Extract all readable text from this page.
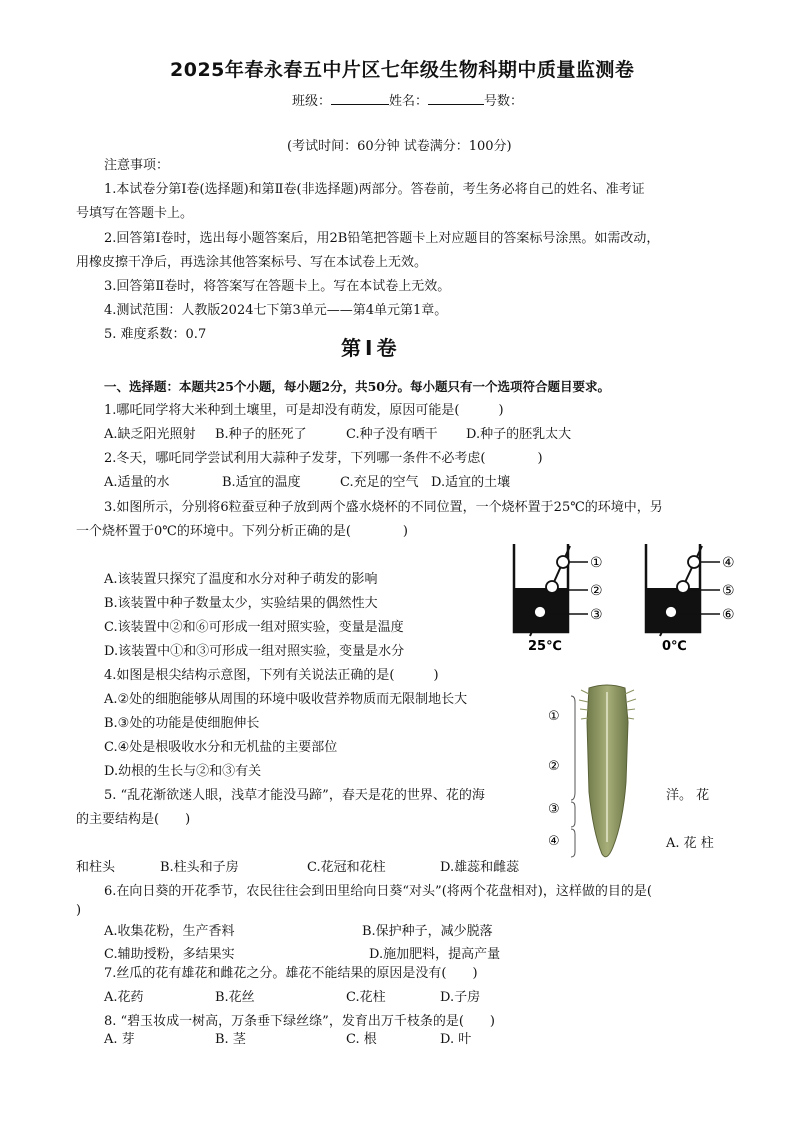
2025年春永春五中片区七年级生物科期中质量监测卷
班级：	姓名：	号数：
(考试时间：60分钟 试卷满分：100分)
注意事项：
1.本试卷分第Ⅰ卷(选择题)和第Ⅱ卷(非选择题)两部分。答卷前，考生务必将自己的姓名、准考证
号填写在答题卡上。
2.回答第Ⅰ卷时，选出每小题答案后，用2B铅笔把答题卡上对应题目的答案标号涂黑。如需改动，
用橡皮擦干净后，再选涂其他答案标号、写在本试卷上无效。
3.回答第Ⅱ卷时，将答案写在答题卡上。写在本试卷上无效。
4.测试范围：人教版2024七下第3单元——第4单元第1章。
5. 难度系数：0.7
第Ⅰ卷
一、选择题：本题共25个小题，每小题2分，共50分。每小题只有一个选项符合题目要求。
1.哪吒同学将大米种到土壤里，可是却没有萌发，原因可能是(　　　)
A.缺乏阳光照射 B.种子的胚死了	C.种子没有晒干 D.种子的胚乳太大
2.冬天，哪吒同学尝试利用大蒜种子发芽，下列哪一条件不必考虑(　　　　)
A.适量的水	B.适宜的温度	C.充足的空气 D.适宜的土壤
3.如图所示，分别将6粒蚕豆种子放到两个盛水烧杯的不同位置，一个烧杯置于25℃的环境中，另
一个烧杯置于0℃的环境中。下列分析正确的是(　　　　)
A.该装置只探究了温度和水分对种子萌发的影响
B.该装置中种子数量太少，实验结果的偶然性大
C.该装置中②和⑥可形成一组对照实验，变量是温度
D.该装置中①和③可形成一组对照实验，变量是水分
①
②
③
25℃
④
⑤
⑥
0℃
4.如图是根尖结构示意图，下列有关说法正确的是(　　　)
A.②处的细胞能够从周围的环境中吸收营养物质而无限制地长大
B.③处的功能是使细胞伸长
C.④处是根吸收水分和无机盐的主要部位
D.幼根的生长与②和③有关
①
②
③
④
5. “乱花渐欲迷人眼，浅草才能没马蹄”，春天是花的世界、花的海	洋。 花
的主要结构是(　　)
A. 花 柱
和柱头	B.柱头和子房	C.花冠和花柱	D.雄蕊和雌蕊
6.在向日葵的开花季节，农民往往会到田里给向日葵“对头”(将两个花盘相对)，这样做的目的是(
)
A.收集花粉，生产香料	B.保护种子，减少脱落
C.辅助授粉，多结果实	D.施加肥料，提高产量
7.丝瓜的花有雄花和雌花之分。雄花不能结果的原因是没有(　　)
A.花药	B.花丝	C.花柱	D.子房
8. “碧玉妆成一树高，万条垂下绿丝绦”，发育出万千枝条的是(　　)
A. 芽	B. 茎	C. 根	D. 叶
